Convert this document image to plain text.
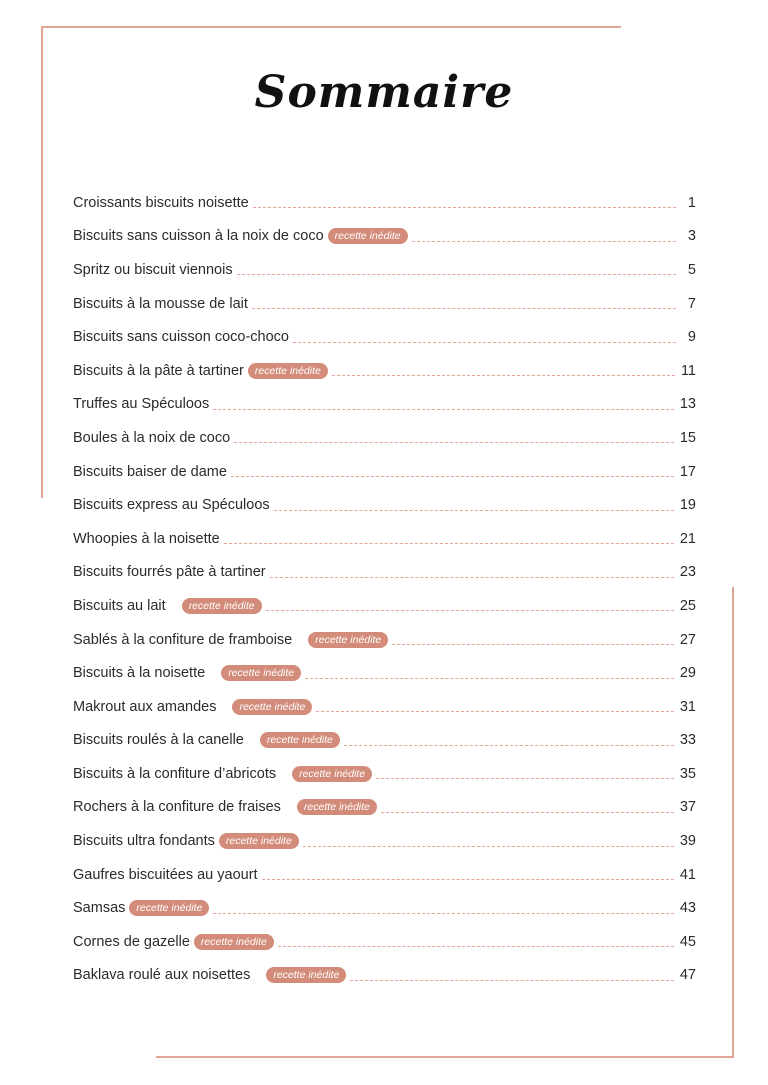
Sommaire
Croissants biscuits noisette	1
Biscuits sans cuisson à la noix de coco	recette inédite	3
Spritz ou biscuit viennois	5
Biscuits à la mousse de lait	7
Biscuits sans cuisson coco-choco	9
Biscuits à la pâte à tartiner	recette inédite	11
Truffes au Spéculoos	13
Boules à la noix de coco	15
Biscuits baiser de dame	17
Biscuits express au Spéculoos	19
Whoopies à la noisette	21
Biscuits fourrés pâte à tartiner	23
Biscuits au lait	recette inédite	25
Sablés à la confiture de framboise	recette inédite	27
Biscuits à la noisette	recette inédite	29
Makrout aux amandes	recette inédite	31
Biscuits roulés à la canelle	recette inédite	33
Biscuits à la confiture d’abricots	recette inédite	35
Rochers à la confiture de fraises	recette inédite	37
Biscuits ultra fondants	recette inédite	39
Gaufres biscuitées au yaourt	41
Samsas	recette inédite	43
Cornes de gazelle	recette inédite	45
Baklava roulé aux noisettes	recette inédite	47
